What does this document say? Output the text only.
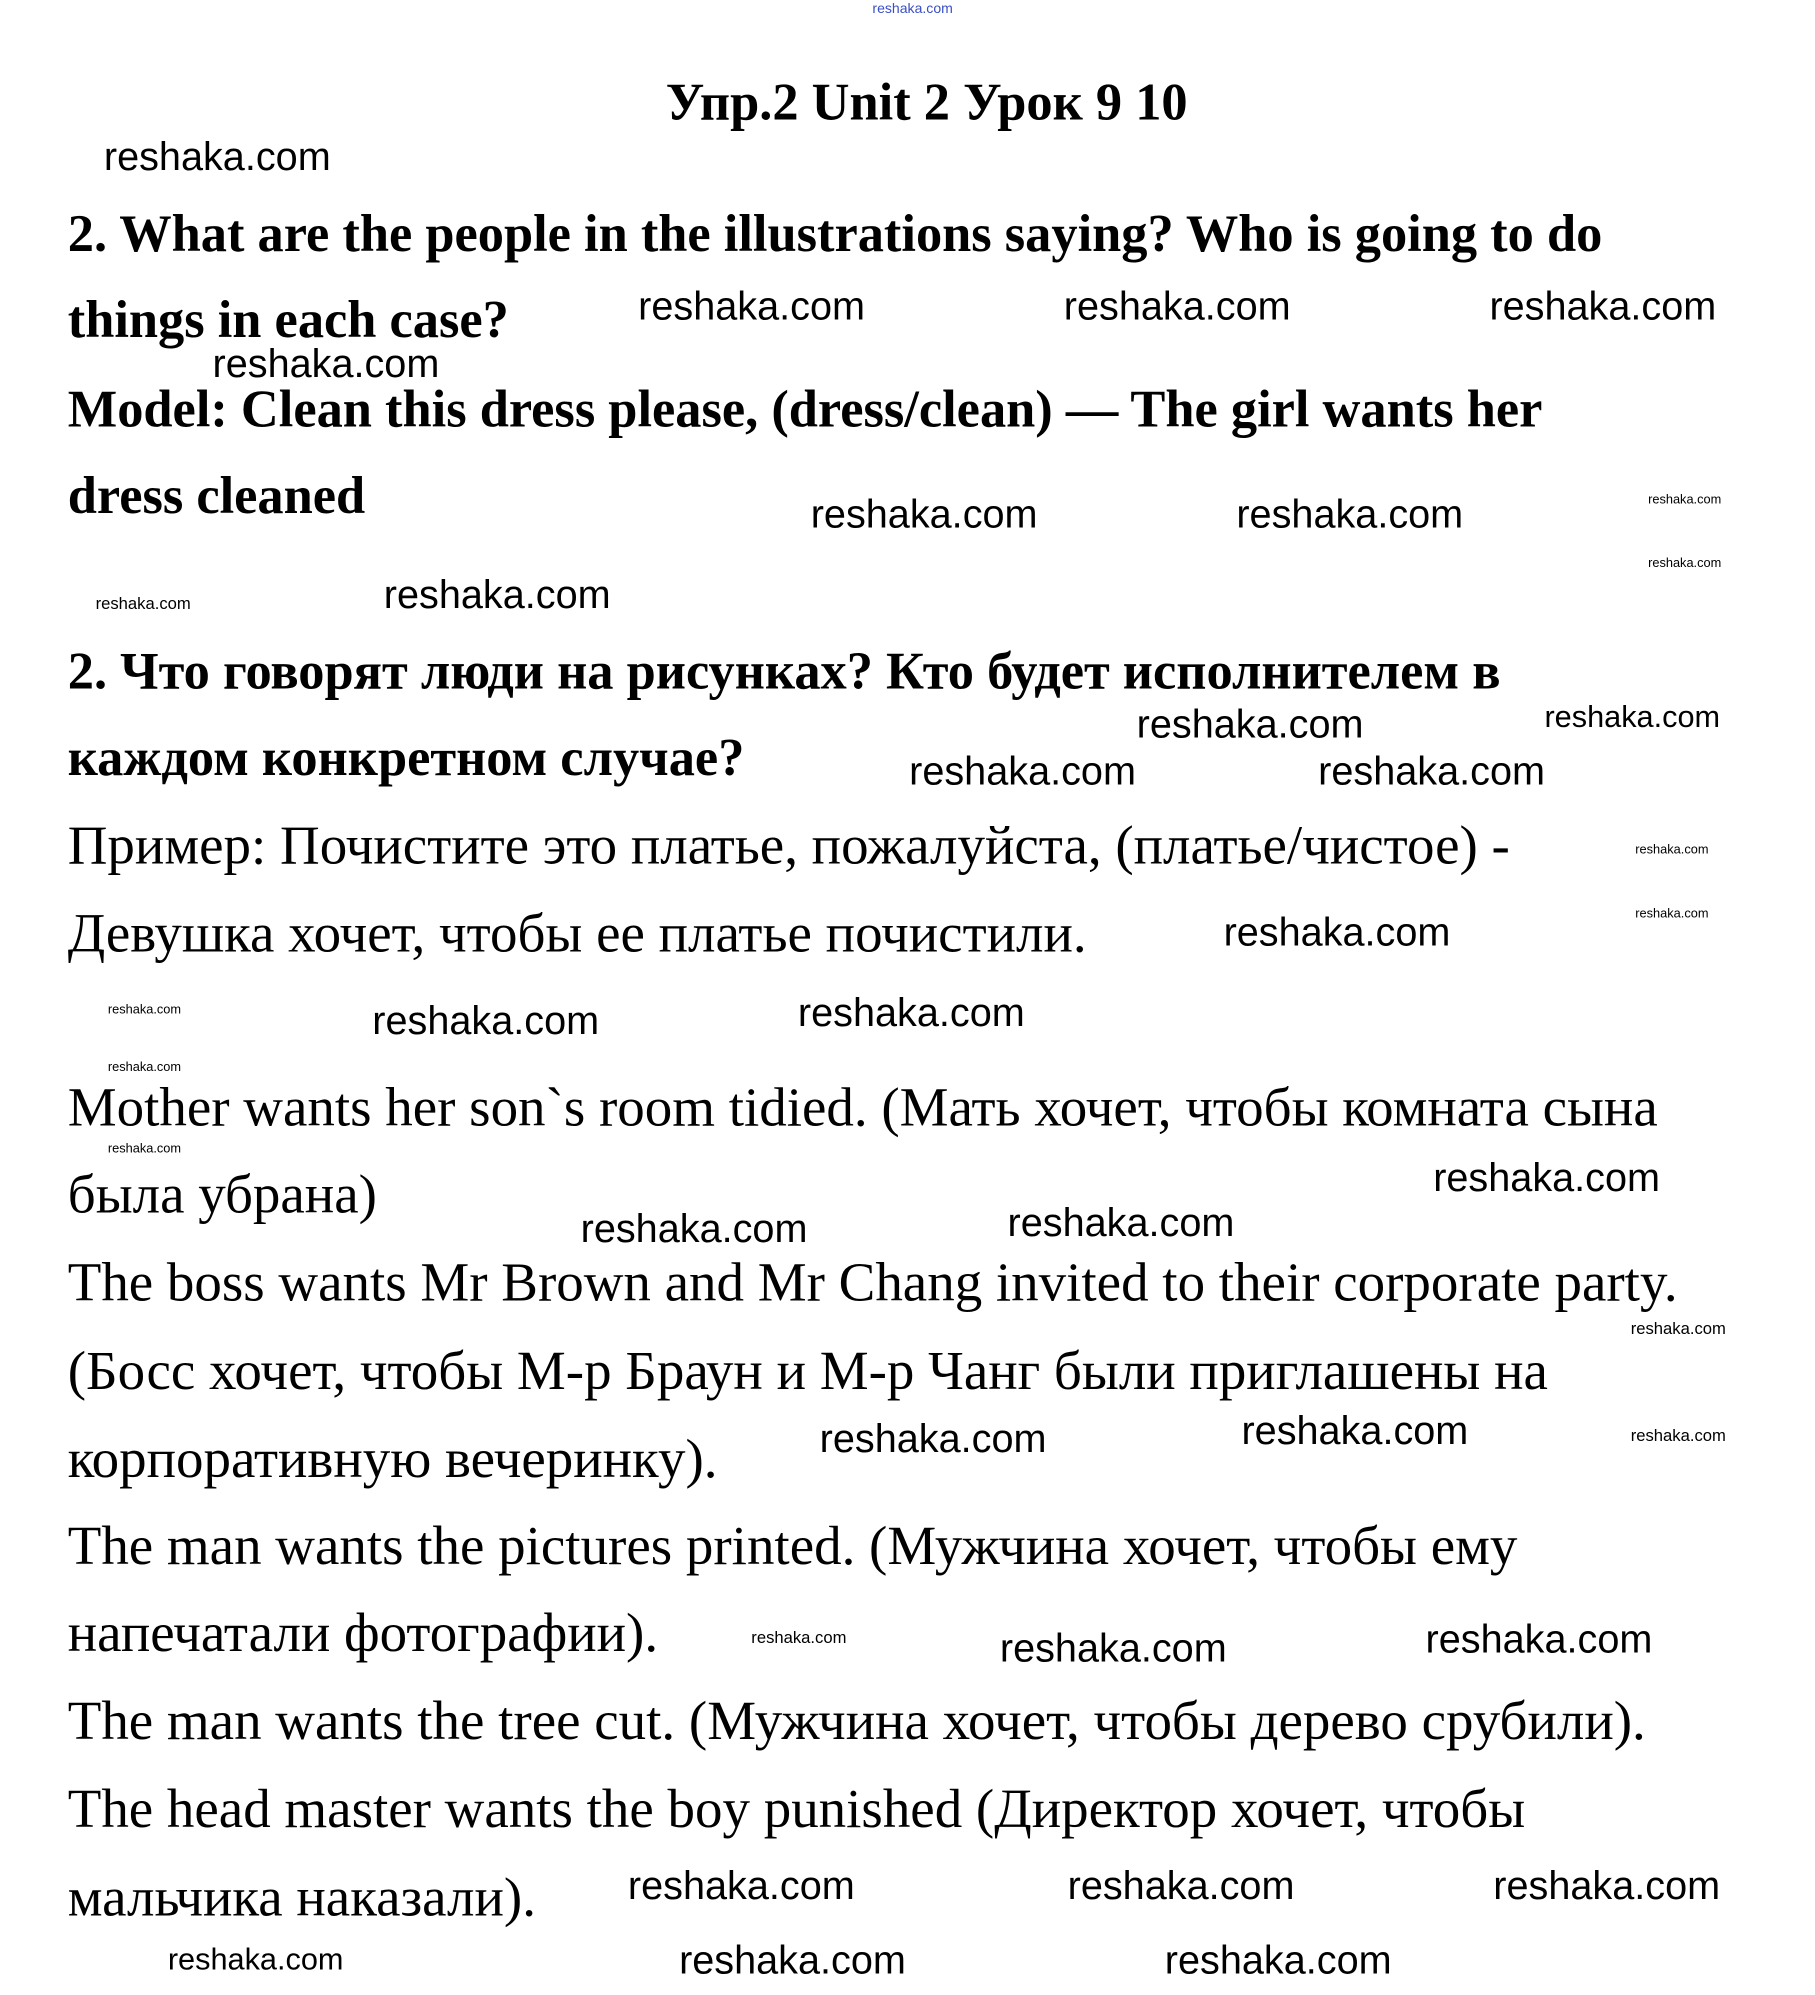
reshaka.com
Упр.2 Unit 2 Урок 9 10
2. What are the people in the illustrations saying? Who is going to do
things in each case?
Model: Clean this dress please, (dress/clean) — The girl wants her
dress cleaned
2. Что говорят люди на рисунках? Кто будет исполнителем в
каждом конкретном случае?
Пример: Почистите это платье, пожалуйста, (платье/чистое) -
Девушка хочет, чтобы ее платье почистили.
Mother wants her son`s room tidied. (Мать хочет, чтобы комната сына
была убрана)
The boss wants Mr Brown and Mr Chang invited to their corporate party.
(Босс хочет, чтобы М-р Браун и М-р Чанг были приглашены на
корпоративную вечеринку).
The man wants the pictures printed. (Мужчина хочет, чтобы ему
напечатали фотографии).
The man wants the tree cut. (Мужчина хочет, чтобы дерево срубили).
The head master wants the boy punished (Директор хочет, чтобы
мальчика наказали).
reshaka.com
reshaka.com	reshaka.com	reshaka.com
reshaka.com
reshaka.com	reshaka.com	reshaka.com
reshaka.com
reshaka.com	reshaka.com
reshaka.com	reshaka.com
reshaka.com	reshaka.com
reshaka.com
reshaka.com
reshaka.com
reshaka.com	reshaka.com	reshaka.com
reshaka.com
reshaka.com
reshaka.com
reshaka.com	reshaka.com
reshaka.com
reshaka.com
reshaka.com	reshaka.com	reshaka.com
reshaka.com
reshaka.com	reshaka.com	reshaka.com
reshaka.com
reshaka.com	reshaka.com	reshaka.com
